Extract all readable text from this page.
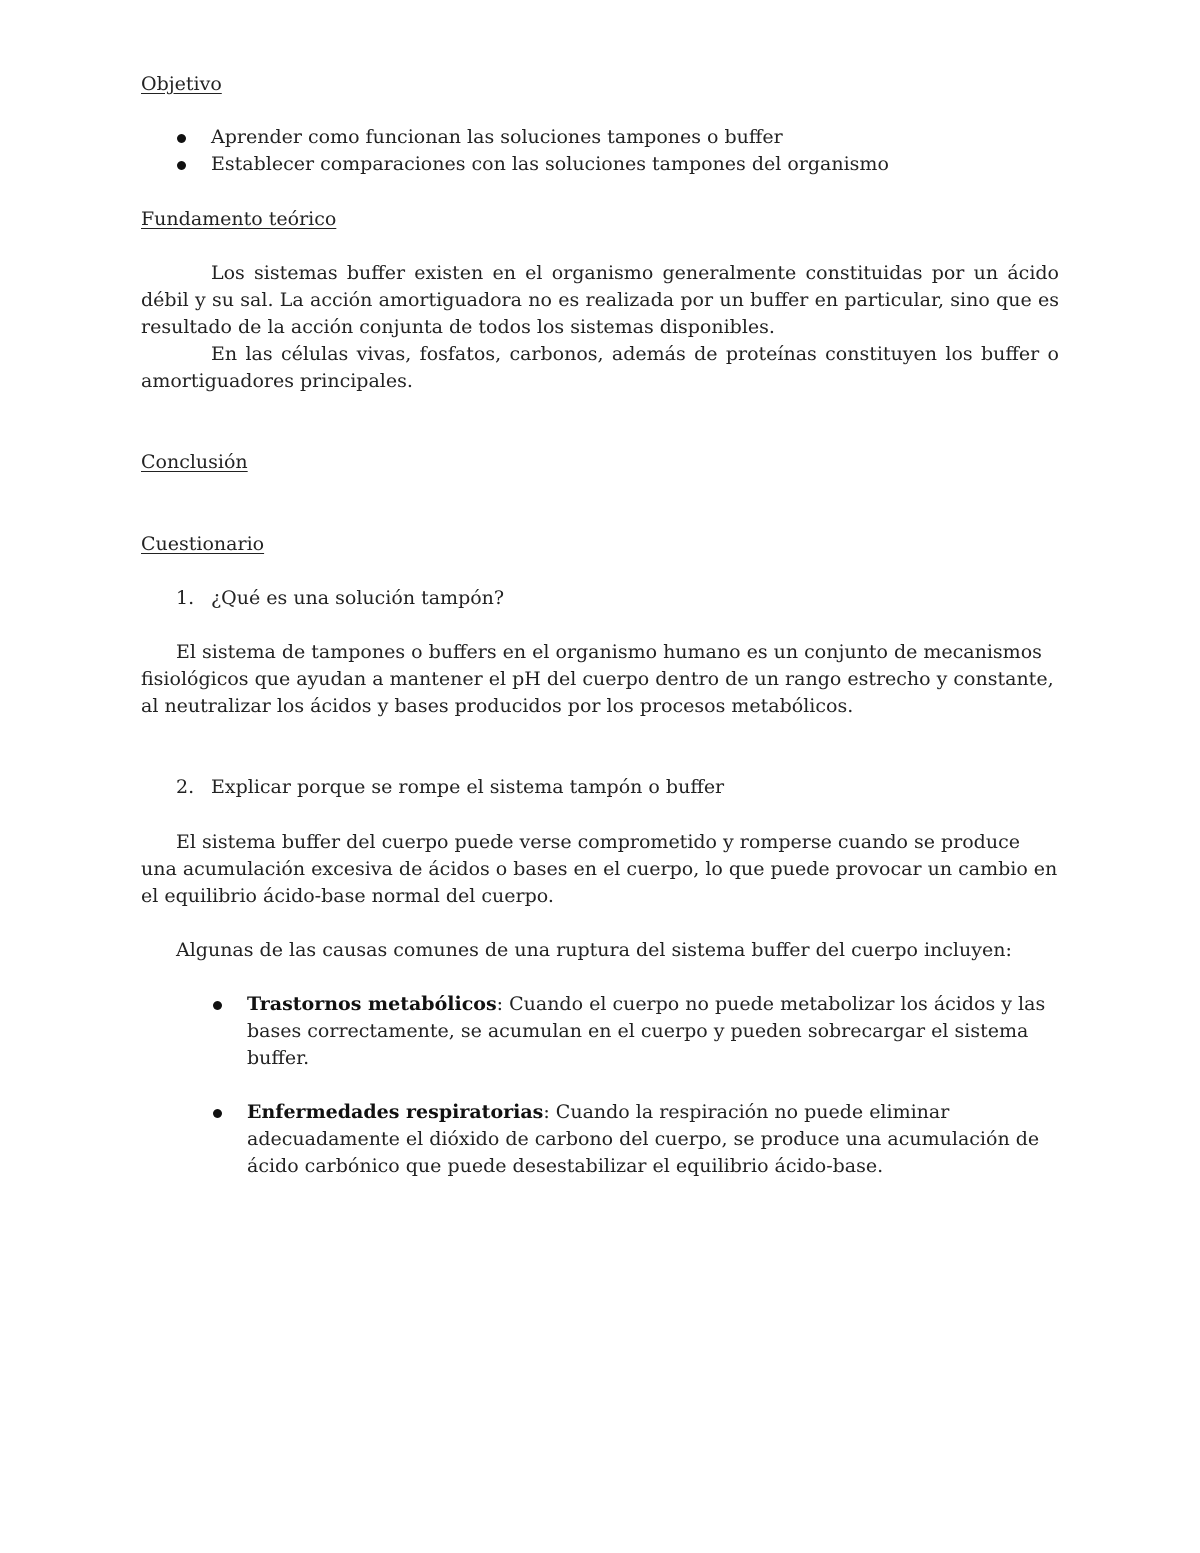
Objetivo
Aprender como funcionan las soluciones tampones o buffer
Establecer comparaciones con las soluciones tampones del organismo
Fundamento teórico
Los sistemas buffer existen en el organismo generalmente constituidas por un ácido débil y su sal. La acción amortiguadora no es realizada por un buffer en particular, sino que es resultado de la acción conjunta de todos los sistemas disponibles.
En las células vivas, fosfatos, carbonos, además de proteínas constituyen los buffer o amortiguadores principales.
Conclusión
Cuestionario
1. ¿Qué es una solución tampón?
El sistema de tampones o buffers en el organismo humano es un conjunto de mecanismos fisiológicos que ayudan a mantener el pH del cuerpo dentro de un rango estrecho y constante, al neutralizar los ácidos y bases producidos por los procesos metabólicos.
2. Explicar porque se rompe el sistema tampón o buffer
El sistema buffer del cuerpo puede verse comprometido y romperse cuando se produce una acumulación excesiva de ácidos o bases en el cuerpo, lo que puede provocar un cambio en el equilibrio ácido-base normal del cuerpo.
Algunas de las causas comunes de una ruptura del sistema buffer del cuerpo incluyen:
Trastornos metabólicos: Cuando el cuerpo no puede metabolizar los ácidos y las bases correctamente, se acumulan en el cuerpo y pueden sobrecargar el sistema buffer.
Enfermedades respiratorias: Cuando la respiración no puede eliminar adecuadamente el dióxido de carbono del cuerpo, se produce una acumulación de ácido carbónico que puede desestabilizar el equilibrio ácido-base.
